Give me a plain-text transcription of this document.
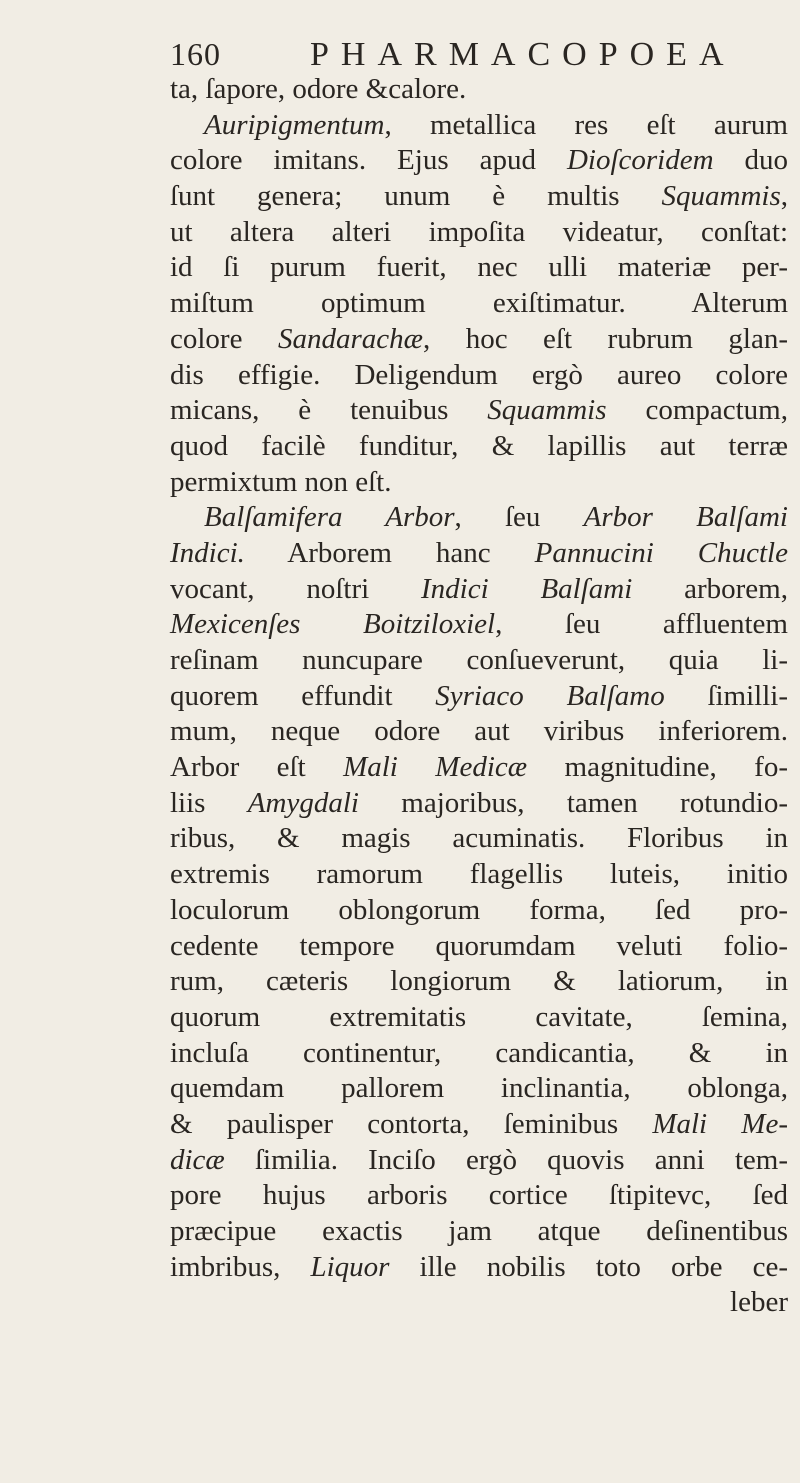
160	PHARMACOPOEA
ta, ſapore, odore &calore.
Auripigmentum, metallica res eſt aurum
colore imitans. Ejus apud Dioſcoridem duo
ſunt genera; unum è multis Squammis,
ut altera alteri impoſita videatur, conſtat:
id ſi purum fuerit, nec ulli materiæ per-
miſtum optimum exiſtimatur. Alterum
colore Sandarachæ, hoc eſt rubrum glan-
dis effigie. Deligendum ergò aureo colore
micans, è tenuibus Squammis compactum,
quod facilè funditur, & lapillis aut terræ
permixtum non eſt.
Balſamifera Arbor, ſeu Arbor Balſami
Indici. Arborem hanc Pannucini Chuctle
vocant, noſtri Indici Balſami arborem,
Mexicenſes Boitziloxiel, ſeu affluentem
reſinam nuncupare conſueverunt, quia li-
quorem effundit Syriaco Balſamo ſimilli-
mum, neque odore aut viribus inferiorem.
Arbor eſt Mali Medicæ magnitudine, fo-
liis Amygdali majoribus, tamen rotundio-
ribus, & magis acuminatis. Floribus in
extremis ramorum flagellis luteis, initio
loculorum oblongorum forma, ſed pro-
cedente tempore quorumdam veluti folio-
rum, cæteris longiorum & latiorum, in
quorum extremitatis cavitate, ſemina,
incluſa continentur, candicantia, & in
quemdam pallorem inclinantia, oblonga,
& paulisper contorta, ſeminibus Mali Me-
dicæ ſimilia. Inciſo ergò quovis anni tem-
pore hujus arboris cortice ſtipitevc, ſed
præcipue exactis jam atque deſinentibus
imbribus, Liquor ille nobilis toto orbe ce-
leber
